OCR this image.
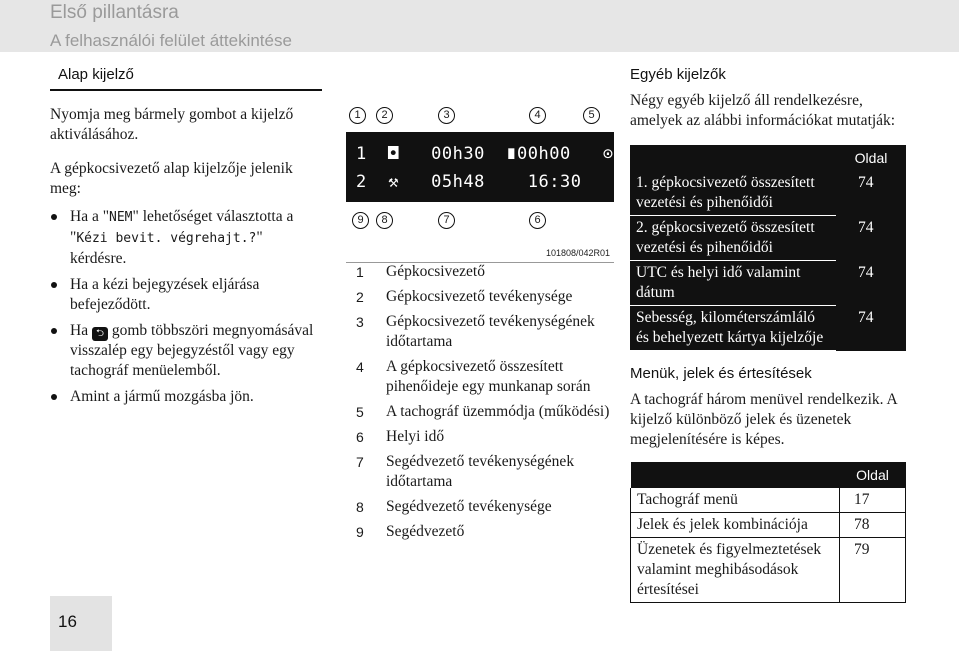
Első pillantásra
A felhasználói felület áttekintése
Alap kijelző
Nyomja meg bármely gombot a kijelző aktiválásához.
A gépkocsivezető alap kijelzője jelenik meg:
Ha a "NEM" lehetőséget választotta a "Kézi bevit. végrehajt.?" kérdésre.
Ha a kézi bejegyzések eljárása befejeződött.
Ha ⮌ gomb többszöri megnyomásával visszalép egy bejegyzéstől vagy egy tachográf menüelemből.
Amint a jármű mozgásba jön.
16
1	2	3	4	5
1  ◘   00h30  ∎00h00   ⊙
2  ⚒   05h48    16:30
9	8	7	6
101808/042R01
1 Gépkocsivezető
2 Gépkocsivezető tevékenysége
3 Gépkocsivezető tevékenységének időtartama
4 A gépkocsivezető összesített pihenőideje egy munkanap során
5 A tachográf üzemmódja (működési)
6 Helyi idő
7 Segédvezető tevékenységének időtartama
8 Segédvezető tevékenysége
9 Segédvezető
Egyéb kijelzők
Négy egyéb kijelző áll rendelkezésre, amelyek az alábbi információkat mutatják:
	Oldal
1. gépkocsivezető összesített vezetési és pihenőidői	74
2. gépkocsivezető összesített vezetési és pihenőidői	74
UTC és helyi idő valamint dátum	74
Sebesség, kilométerszámláló és behelyezett kártya kijelzője	74
Menük, jelek és értesítések
A tachográf három menüvel rendelkezik. A kijelző különböző jelek és üzenetek megjelenítésére is képes.
	Oldal
Tachográf menü	17
Jelek és jelek kombinációja	78
Üzenetek és figyelmeztetések valamint meghibásodások értesítései	79
